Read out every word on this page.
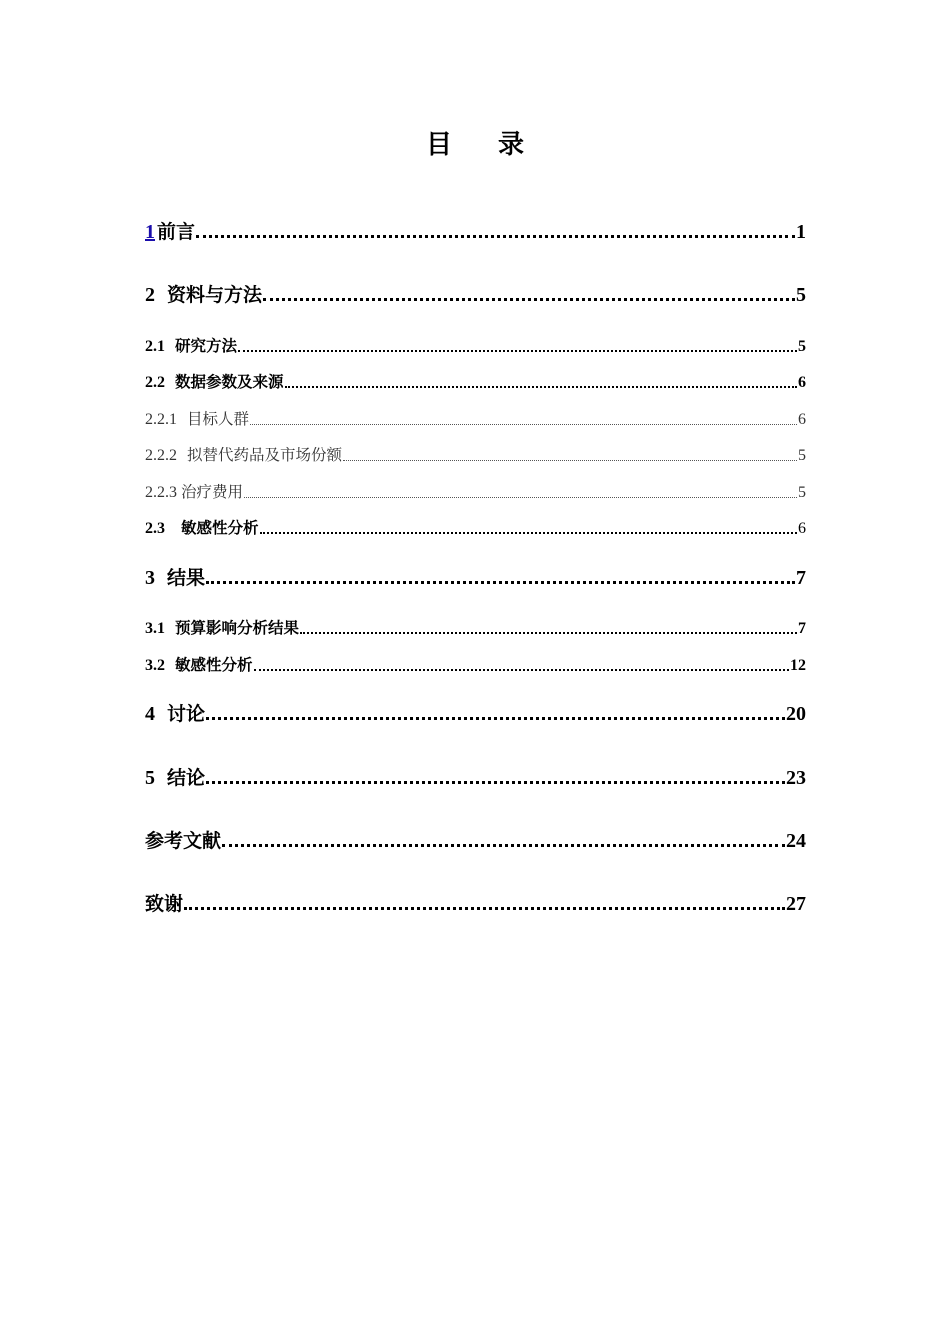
目 录
1 前言	1
2 资料与方法	5
2.1 研究方法	5
2.2 数据参数及来源	6
2.2.1 目标人群	6
2.2.2 拟替代药品及市场份额	5
2.2.3 治疗费用	5
2.3 敏感性分析	6
3 结果	7
3.1 预算影响分析结果	7
3.2 敏感性分析	12
4 讨论	20
5 结论	23
参考文献	24
致谢	27
